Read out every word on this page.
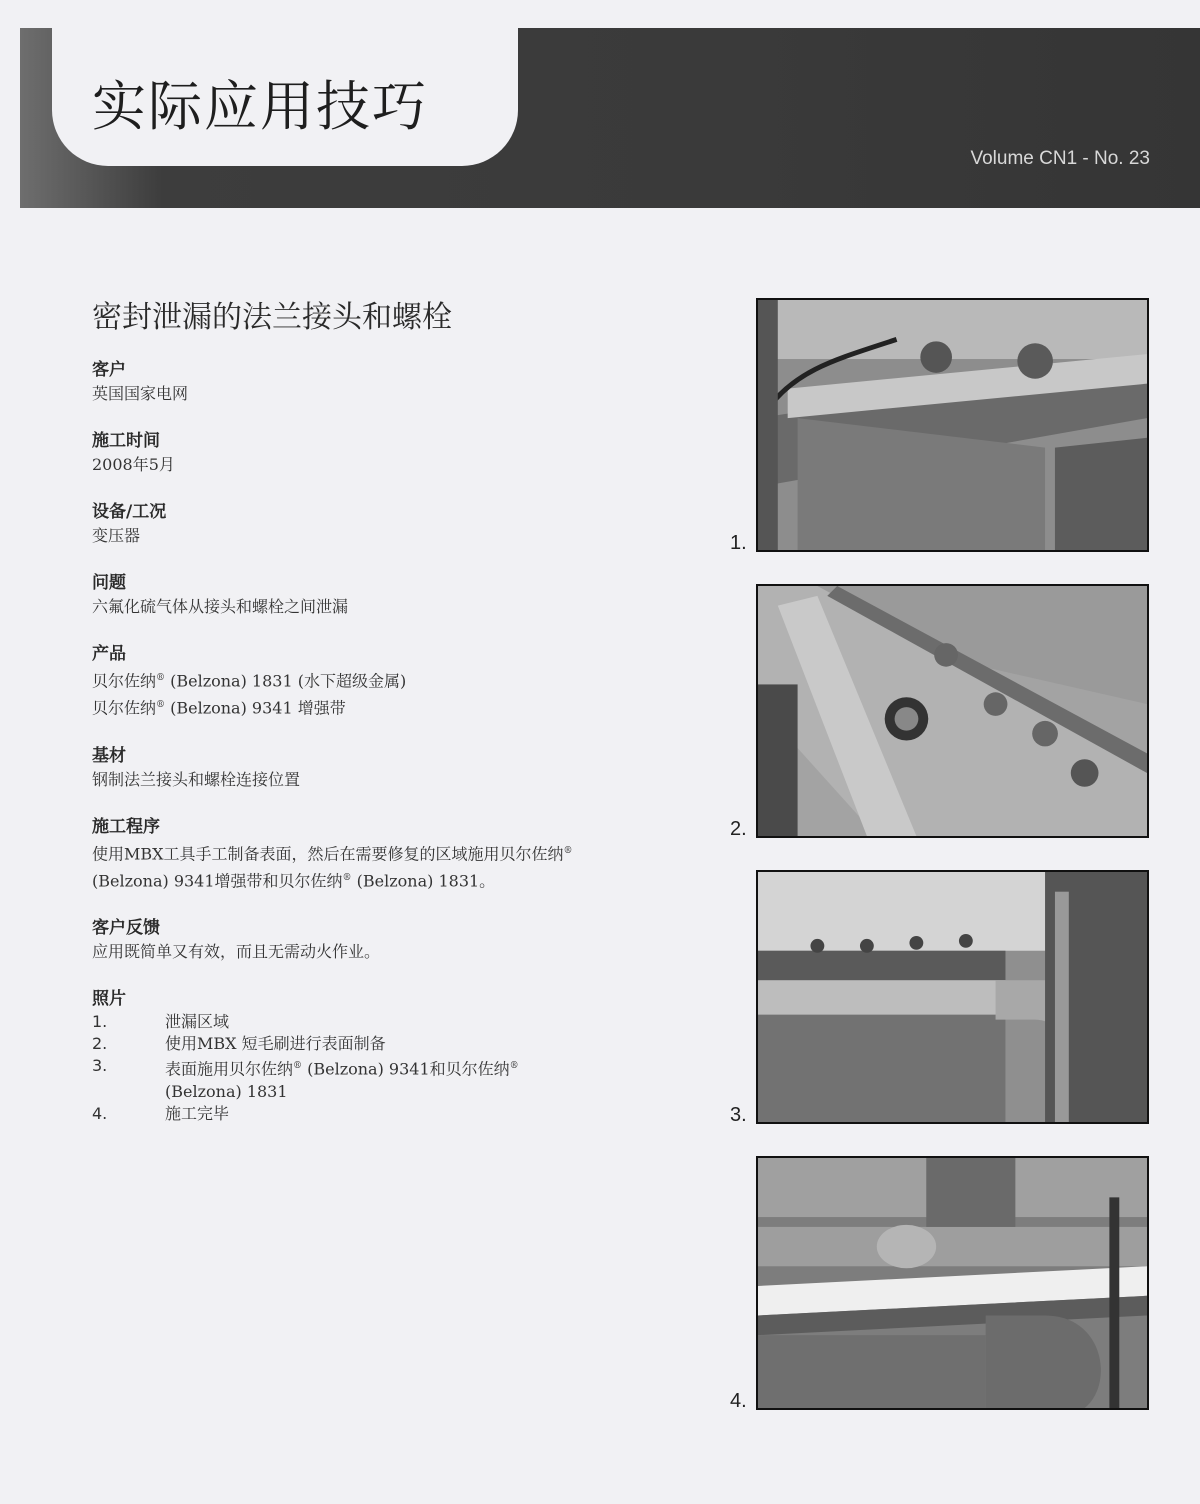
实际应用技巧
Volume CN1 - No. 23
密封泄漏的法兰接头和螺栓
客户
英国国家电网
施工时间
2008年5月
设备/工况
变压器
问题
六氟化硫气体从接头和螺栓之间泄漏
产品
贝尔佐纳® (Belzona) 1831 (水下超级金属)
贝尔佐纳® (Belzona) 9341 增强带
基材
钢制法兰接头和螺栓连接位置
施工程序
使用MBX工具手工制备表面，然后在需要修复的区域施用贝尔佐纳®
(Belzona) 9341增强带和贝尔佐纳® (Belzona) 1831。
客户反馈
应用既简单又有效，而且无需动火作业。
照片
1.	泄漏区域
2.	使用MBX 短毛刷进行表面制备
3.	表面施用贝尔佐纳® (Belzona) 9341和贝尔佐纳®
(Belzona) 1831
4.	施工完毕
1.
2.
3.
4.
